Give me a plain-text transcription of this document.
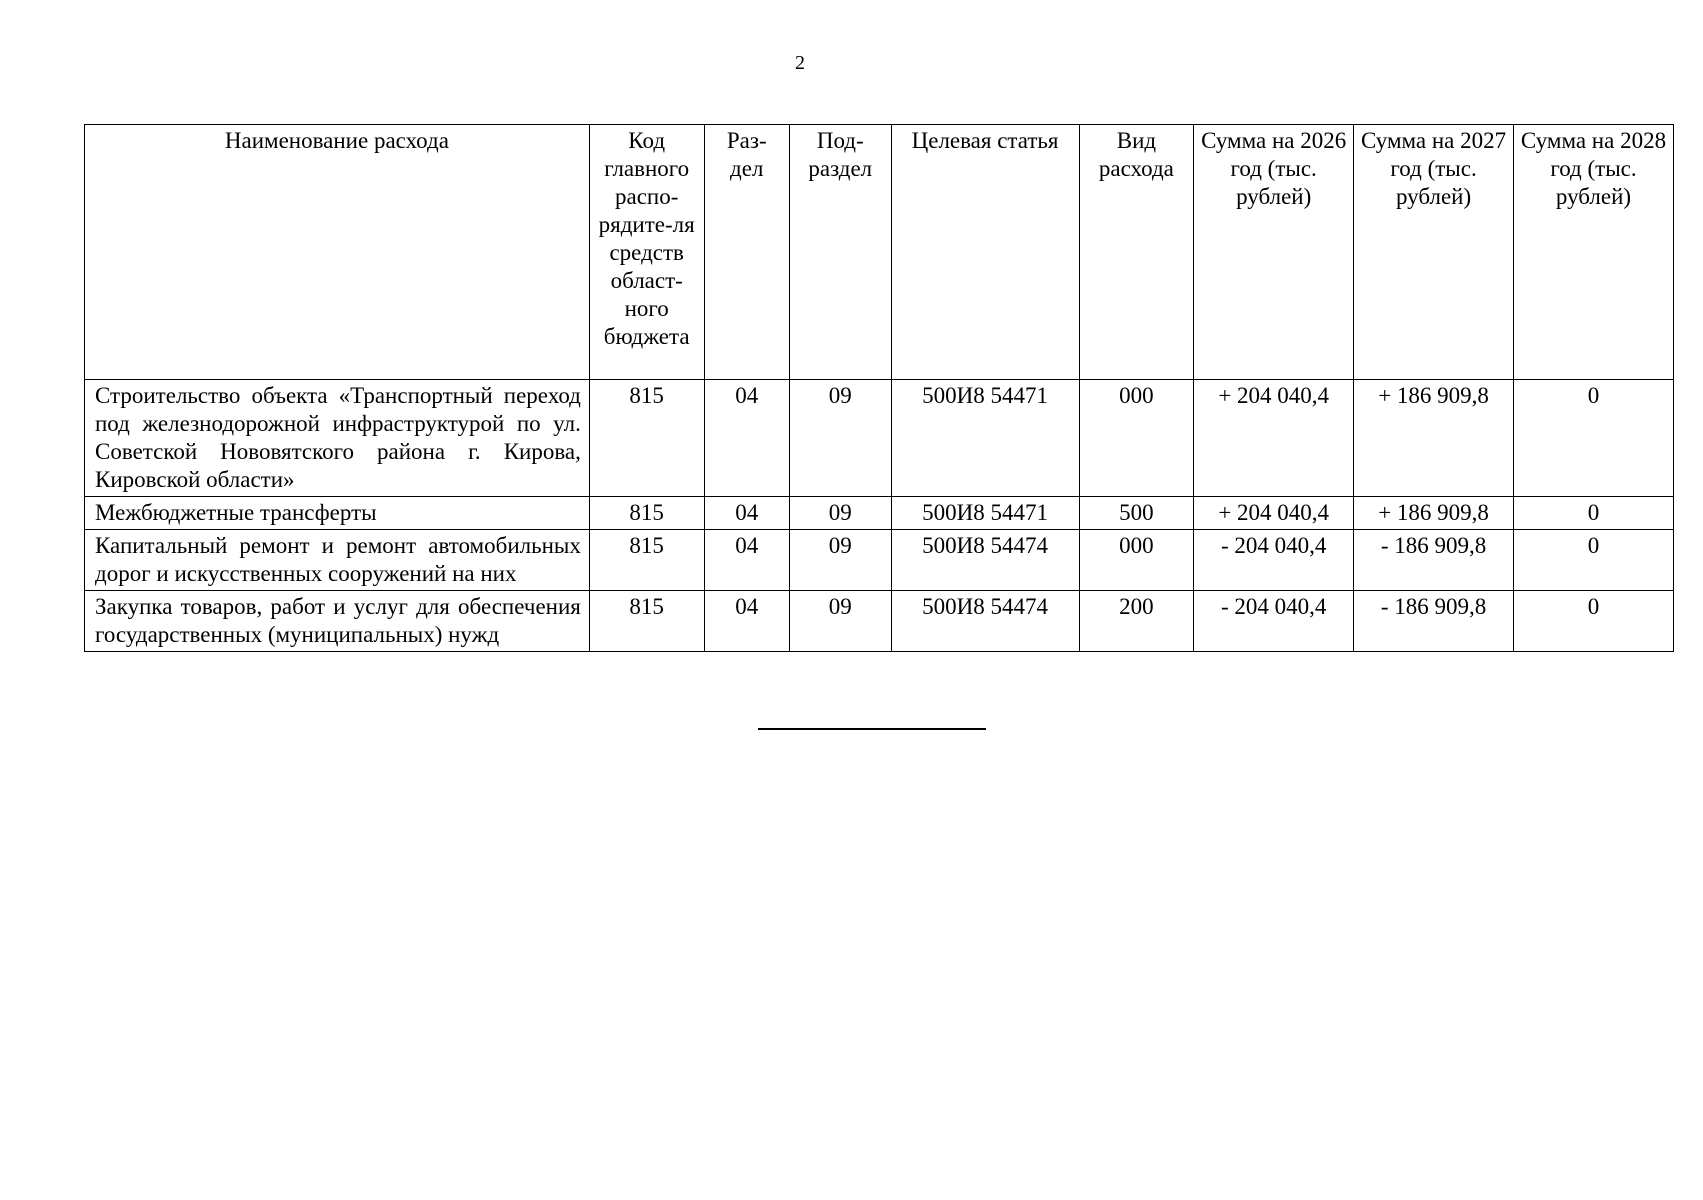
2
Наименование расхода	Код главного распо-рядите-ля средств област-ного бюджета	Раз-дел	Под-раздел	Целевая статья	Вид расхода	Сумма на 2026 год (тыс. рублей)	Сумма на 2027 год (тыс. рублей)	Сумма на 2028 год (тыс. рублей)
Строительство объекта «Транспортный переход под железнодорожной инфраструктурой по ул. Советской Нововятского района г. Кирова, Кировской области»	815	04	09	500И8 54471	000	+ 204 040,4	+ 186 909,8	0
Межбюджетные трансферты	815	04	09	500И8 54471	500	+ 204 040,4	+ 186 909,8	0
Капитальный ремонт и ремонт автомобильных дорог и искусственных сооружений на них	815	04	09	500И8 54474	000	- 204 040,4	- 186 909,8	0
Закупка товаров, работ и услуг для обеспечения государственных (муниципальных) нужд	815	04	09	500И8 54474	200	- 204 040,4	- 186 909,8	0
